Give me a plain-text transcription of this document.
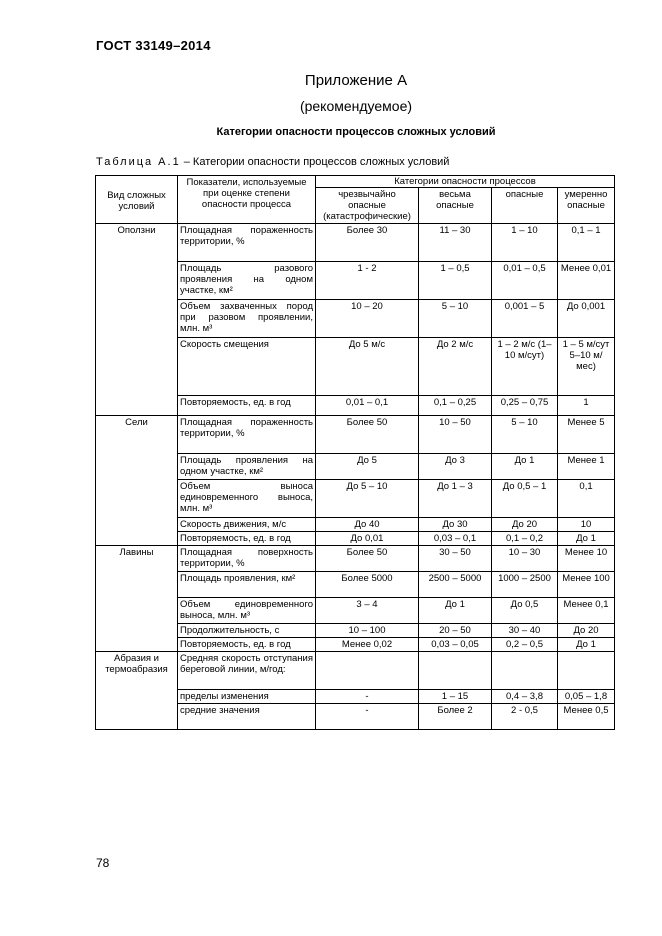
ГОСТ 33149–2014
Приложение А
(рекомендуемое)
Категории опасности процессов сложных условий
Таблица А.1 – Категории опасности процессов сложных условий
Вид сложных условий	Показатели, используемые при оценке степени опасности процесса	Категории опасности процессов			
		чрезвычайно опасные (катастрофические)	весьма опасные	опасные	умеренно опасные
Оползни	Площадная пораженность территории, %	Более 30	11 – 30	1 – 10	0,1 – 1
	Площадь разового проявления на одном участке, км²	1 - 2	1 – 0,5	0,01 – 0,5	Менее 0,01
	Объем захваченных пород при разовом проявлении, млн. м³	10 – 20	5 – 10	0,001 – 5	До 0,001
	Скорость смещения	До 5 м/с	До 2 м/с	1 – 2 м/с (1–10 м/сут)	1 – 5 м/сут 5–10 м/мес)
	Повторяемость, ед. в год	0,01 – 0,1	0,1 – 0,25	0,25 – 0,75	1
Сели	Площадная пораженность территории, %	Более 50	10 – 50	5 – 10	Менее 5
	Площадь проявления на одном участке, км²	До 5	До 3	До 1	Менее 1
	Объем выноса единовременного выноса, млн. м³	До 5 – 10	До 1 – 3	До 0,5 – 1	0,1
	Скорость движения, м/с	До 40	До 30	До 20	10
	Повторяемость, ед. в год	До 0,01	0,03 – 0,1	0,1 – 0,2	До 1
Лавины	Площадная поверхность территории, %	Более 50	30 – 50	10 – 30	Менее 10
	Площадь проявления, км²	Более 5000	2500 – 5000	1000 – 2500	Менее 100
	Объем единовременного выноса, млн. м³	3 – 4	До 1	До 0,5	Менее 0,1
	Продолжительность, с	10 – 100	20 – 50	30 – 40	До 20
	Повторяемость, ед. в год	Менее 0,02	0,03 – 0,05	0,2 – 0,5	До 1
Абразия и термоабразия	Средняя скорость отступания береговой линии, м/год:				
	пределы изменения	-	1 – 15	0,4 – 3,8	0,05 – 1,8
	средние значения	-	Более 2	2 - 0,5	Менее 0,5
78
